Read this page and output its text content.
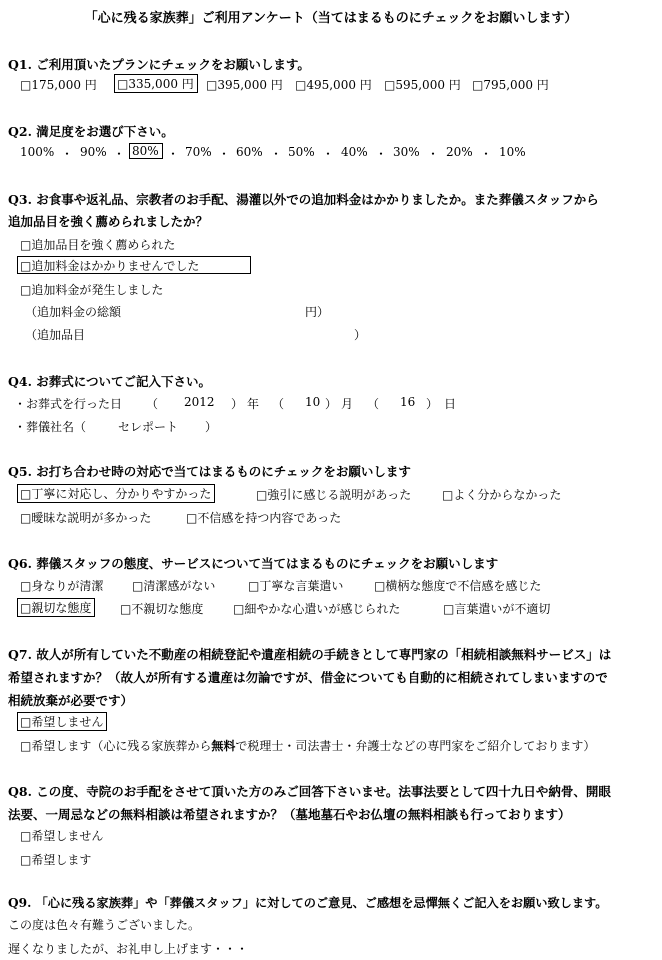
「心に残る家族葬」ご利用アンケート（当てはまるものにチェックをお願いします）
Q1. ご利用頂いたプランにチェックをお願いします。
□175,000 円 □335,000 円	□395,000 円 □495,000 円 □595,000 円 □795,000 円
Q2. 満足度をお選び下さい。
100% ・ 90% ・ 80% ・ 70% ・ 60% ・ 50% ・ 40% ・ 30% ・ 20% ・ 10%
Q3. お食事や返礼品、宗教者のお手配、湯灌以外での追加料金はかかりましたか。また葬儀スタッフから
追加品目を強く薦められましたか？
□追加品目を強く薦められた
□追加料金はかかりませんでした
□追加料金が発生しました
（追加料金の総額	円）
（追加品目	）
Q4. お葬式についてご記入下さい。
・お葬式を行った日 （ 2012 ） 年 （ 10 ） 月 （ 16 ） 日
・葬儀社名（	セレポート ）
Q5. お打ち合わせ時の対応で当てはまるものにチェックをお願いします
□丁寧に対応し、分かりやすかった	□強引に感じる説明があった	□よく分からなかった
□曖昧な説明が多かった	□不信感を持つ内容であった
Q6. 葬儀スタッフの態度、サービスについて当てはまるものにチェックをお願いします
□身なりが清潔 □清潔感がない	□丁寧な言葉遣い	□横柄な態度で不信感を感じた
□親切な態度	□不親切な態度 □細やかな心遣いが感じられた	□言葉遣いが不適切
Q7. 故人が所有していた不動産の相続登記や遺産相続の手続きとして専門家の「相続相談無料サービス」は
希望されますか？（故人が所有する遺産は勿論ですが、借金についても自動的に相続されてしまいますので
相続放棄が必要です）
□希望しません
□希望します（心に残る家族葬から無料で税理士・司法書士・弁護士などの専門家をご紹介しております）
Q8. この度、寺院のお手配をさせて頂いた方のみご回答下さいませ。法事法要として四十九日や納骨、開眼
法要、一周忌などの無料相談は希望されますか？（墓地墓石やお仏壇の無料相談も行っております）
□希望しません
□希望します
Q9. 「心に残る家族葬」や「葬儀スタッフ」に対してのご意見、ご感想を忌憚無くご記入をお願い致します。
この度は色々有難うございました。
遅くなりましたが、お礼申し上げます・・・
